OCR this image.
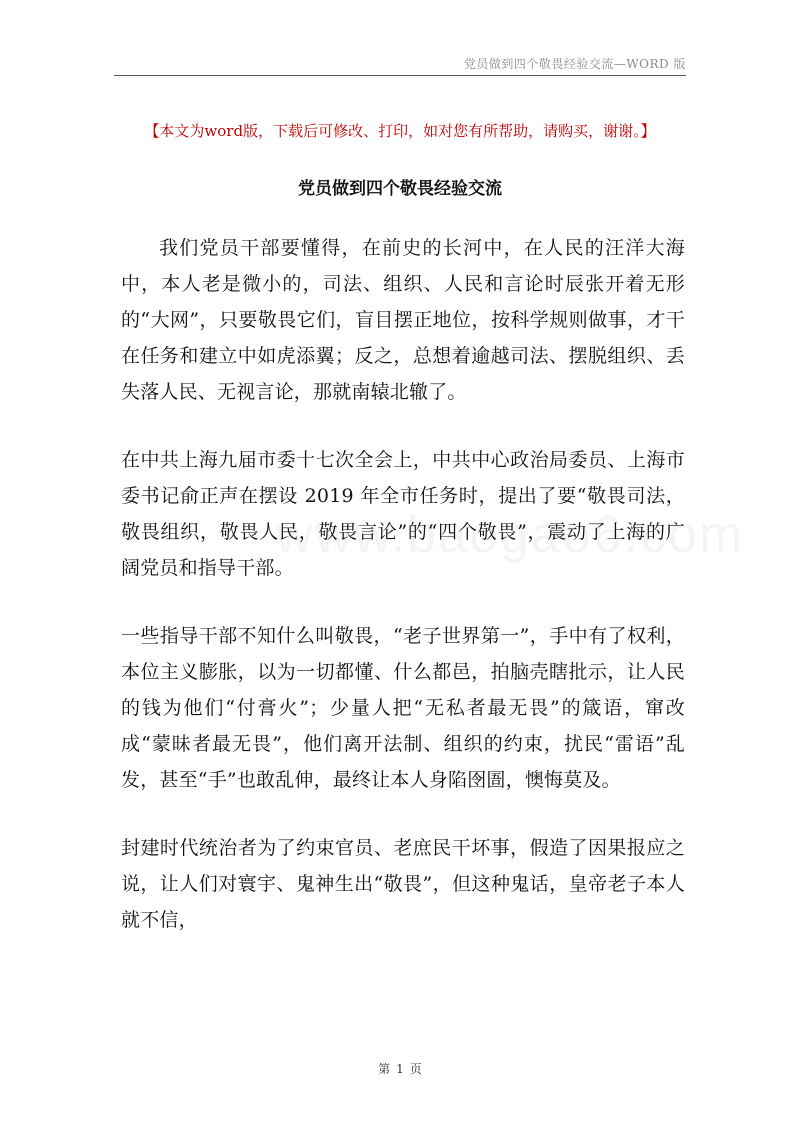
党员做到四个敬畏经验交流—WORD 版
【本文为word版，下载后可修改、打印，如对您有所帮助，请购买，谢谢。】
党员做到四个敬畏经验交流

我们党员干部要懂得，在前史的长河中，在人民的汪洋大海中，本人老是微小的，司法、组织、人民和言论时辰张开着无形的“大网”，只要敬畏它们，盲目摆正地位，按科学规则做事，才干在任务和建立中如虎添翼；反之，总想着逾越司法、摆脱组织、丢失落人民、无视言论，那就南辕北辙了。

在中共上海九届市委十七次全会上，中共中心政治局委员、上海市委书记俞正声在摆设 2019 年全市任务时，提出了要“敬畏司法，敬畏组织，敬畏人民，敬畏言论”的“四个敬畏”，震动了上海的广阔党员和指导干部。

一些指导干部不知什么叫敬畏，“老子世界第一”，手中有了权利，本位主义膨胀，以为一切都懂、什么都邑，拍脑壳瞎批示，让人民的钱为他们“付膏火”；少量人把“无私者最无畏”的箴语，窜改成“蒙昧者最无畏”，他们离开法制、组织的约束，扰民“雷语”乱发，甚至“手”也敢乱伸，最终让本人身陷囹圄，懊悔莫及。

封建时代统治者为了约束官员、老庶民干坏事，假造了因果报应之说，让人们对寰宇、鬼神生出“敬畏”，但这种鬼话，皇帝老子本人就不信，

第 1 页
